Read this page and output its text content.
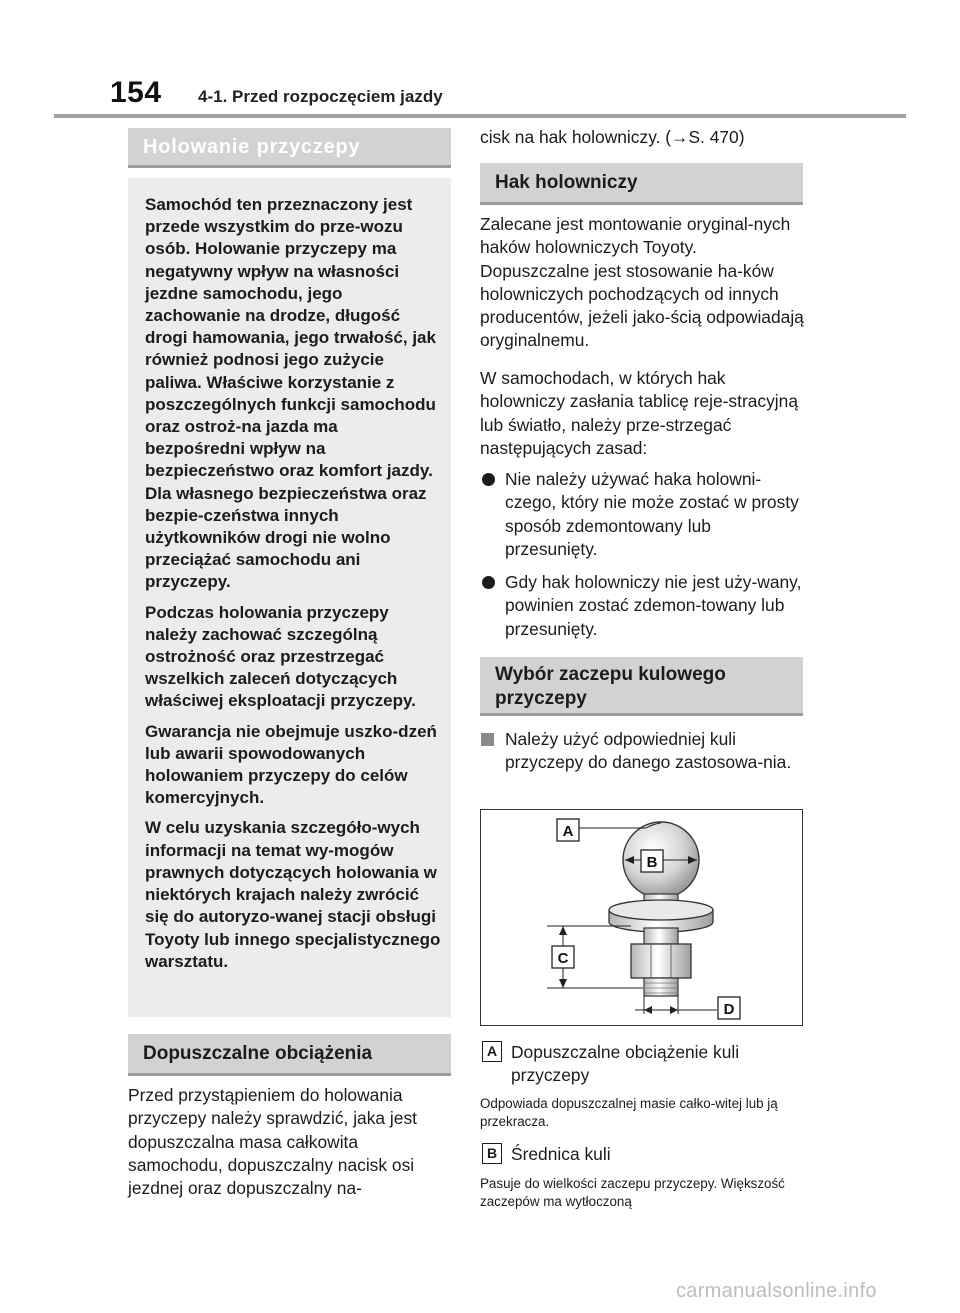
154 4-1. Przed rozpoczęciem jazdy
Holowanie przyczepy

Samochód ten przeznaczony jest przede wszystkim do prze-wozu osób. Holowanie przyczepy ma negatywny wpływ na własności jezdne samochodu, jego zachowanie na drodze, długość drogi hamowania, jego trwałość, jak również podnosi jego zużycie paliwa. Właściwe korzystanie z poszczególnych funkcji samochodu oraz ostroż-na jazda ma bezpośredni wpływ na bezpieczeństwo oraz komfort jazdy. Dla własnego bezpieczeństwa oraz bezpie-czeństwa innych użytkowników drogi nie wolno przeciążać samochodu ani przyczepy.

Podczas holowania przyczepy należy zachować szczególną ostrożność oraz przestrzegać wszelkich zaleceń dotyczących właściwej eksploatacji przyczepy.

Gwarancja nie obejmuje uszko-dzeń lub awarii spowodowanych holowaniem przyczepy do celów komercyjnych.

W celu uzyskania szczegóło-wych informacji na temat wy-mogów prawnych dotyczących holowania w niektórych krajach należy zwrócić się do autoryzo-wanej stacji obsługi Toyoty lub innego specjalistycznego warsztatu.

Dopuszczalne obciążenia
Przed przystąpieniem do holowania przyczepy należy sprawdzić, jaka jest dopuszczalna masa całkowita samochodu, dopuszczalny nacisk osi jezdnej oraz dopuszczalny na-
cisk na hak holowniczy. (→S. 470)
Hak holowniczy
Zalecane jest montowanie oryginal-nych haków holowniczych Toyoty. Dopuszczalne jest stosowanie ha-ków holowniczych pochodzących od innych producentów, jeżeli jako-ścią odpowiadają oryginalnemu.
W samochodach, w których hak holowniczy zasłania tablicę reje-stracyjną lub światło, należy prze-strzegać następujących zasad:
Nie należy używać haka holowni-czego, który nie może zostać w prosty sposób zdemontowany lub przesunięty.
Gdy hak holowniczy nie jest uży-wany, powinien zostać zdemon-towany lub przesunięty.
Wybór zaczepu kulowego przyczepy
Należy użyć odpowiedniej kuli przyczepy do danego zastosowa-nia.
A
B
C
D
A Dopuszczalne obciążenie kuli przyczepy
Odpowiada dopuszczalnej masie całko-witej lub ją przekracza.
B Średnica kuli
Pasuje do wielkości zaczepu przyczepy. Większość zaczepów ma wytłoczoną
carmanualsonline.info
